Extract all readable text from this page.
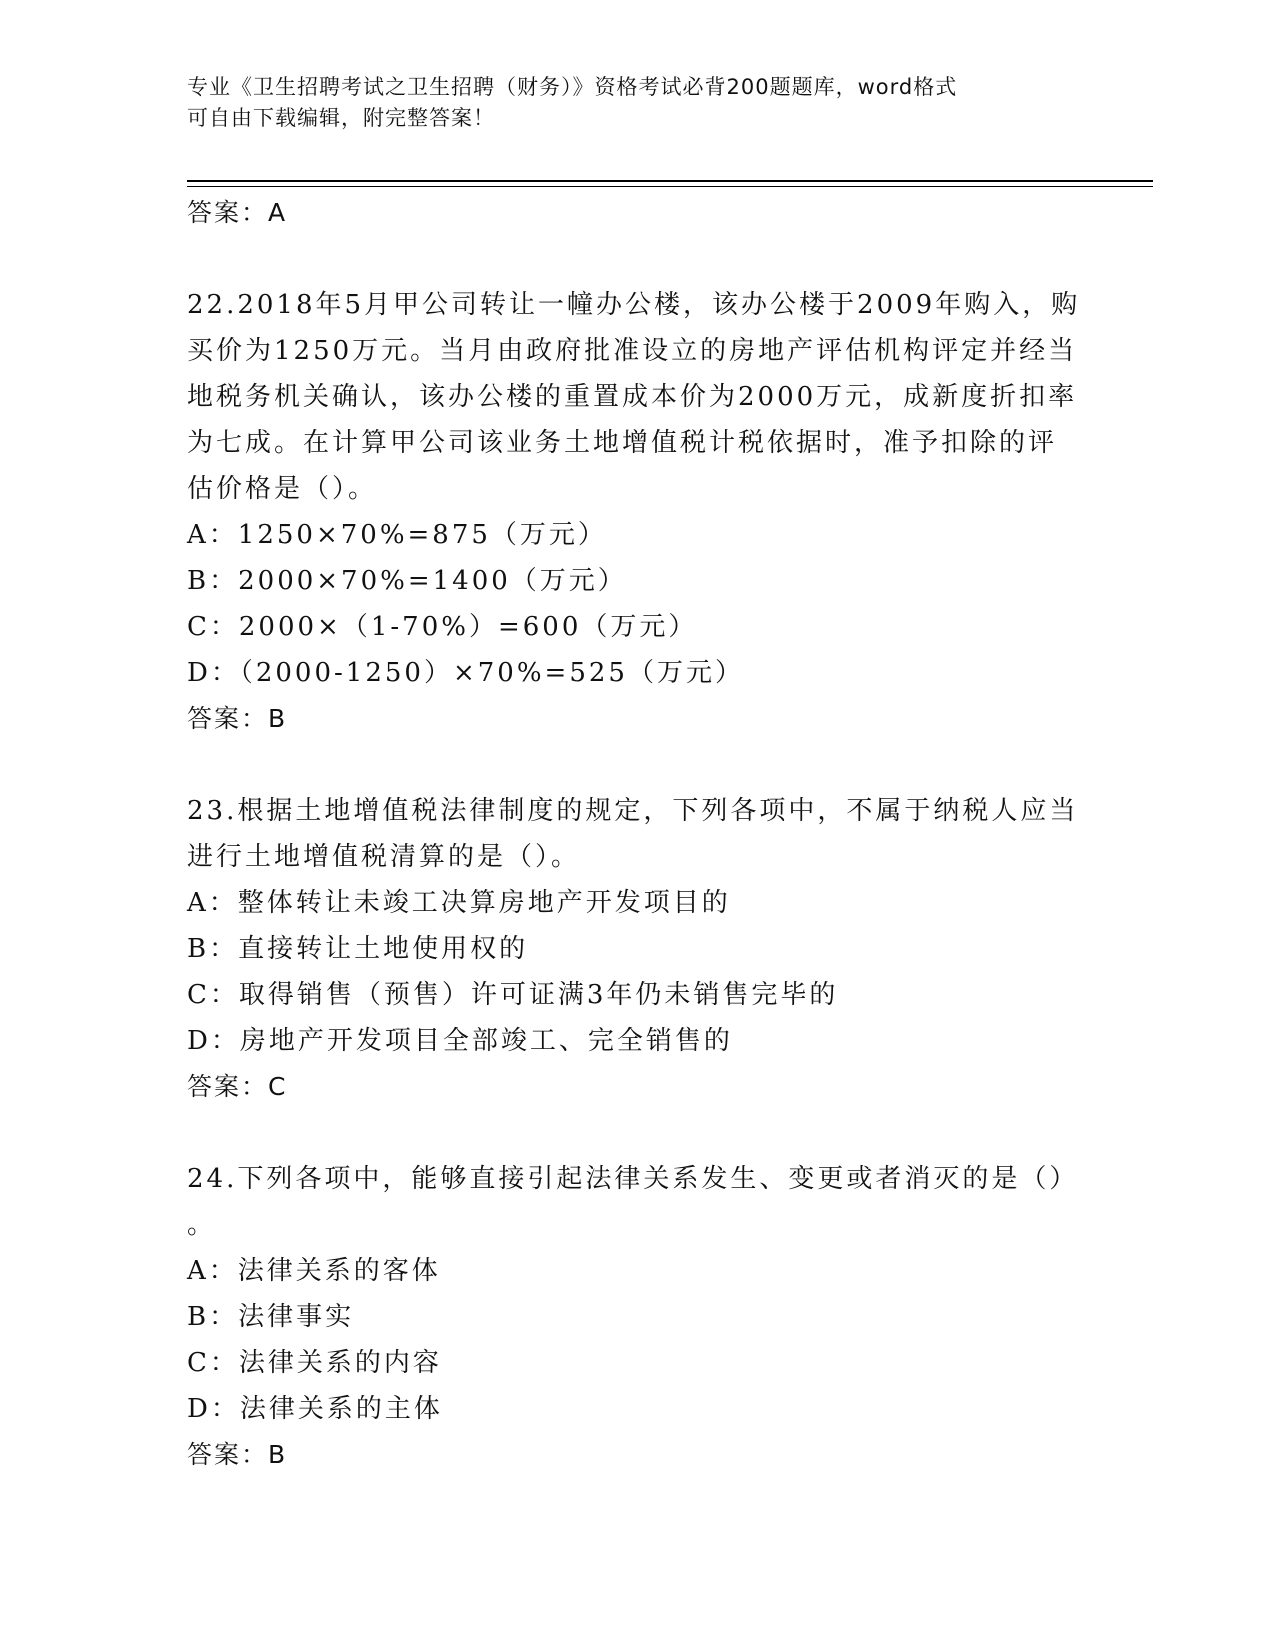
专业《卫生招聘考试之卫生招聘（财务）》资格考试必背200题题库，word格式
可自由下载编辑，附完整答案！
答案：A
22.2018年5月甲公司转让一幢办公楼，该办公楼于2009年购入，购
买价为1250万元。当月由政府批准设立的房地产评估机构评定并经当
地税务机关确认，该办公楼的重置成本价为2000万元，成新度折扣率
为七成。在计算甲公司该业务土地增值税计税依据时，准予扣除的评
估价格是（）。
A：1250×70%=875（万元）
B：2000×70%=1400（万元）
C：2000×（1-70%）=600（万元）
D：（2000-1250）×70%=525（万元）
答案：B
23.根据土地增值税法律制度的规定，下列各项中，不属于纳税人应当
进行土地增值税清算的是（）。
A：整体转让未竣工决算房地产开发项目的
B：直接转让土地使用权的
C：取得销售（预售）许可证满3年仍未销售完毕的
D：房地产开发项目全部竣工、完全销售的
答案：C
24.下列各项中，能够直接引起法律关系发生、变更或者消灭的是（）
。
A：法律关系的客体
B：法律事实
C：法律关系的内容
D：法律关系的主体
答案：B
